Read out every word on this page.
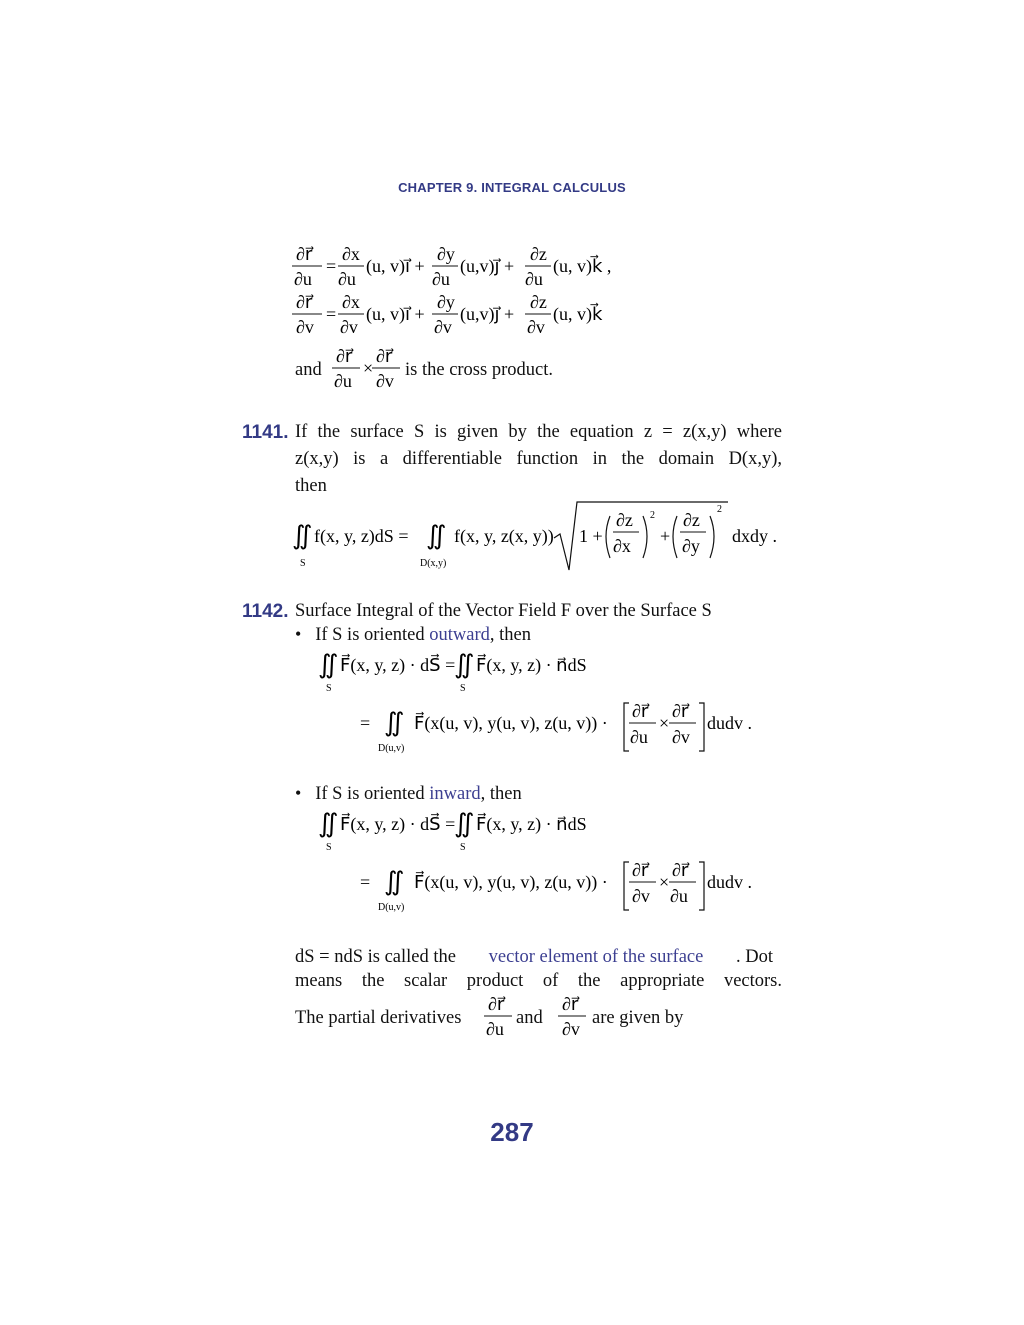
CHAPTER 9. INTEGRAL CALCULUS
∂r⃗
∂u
=
∂x
∂u
(u, v)i⃗ +
∂y
∂u
(u,v)j⃗ +
∂z
∂u
(u, v)k⃗ ,
∂r⃗
∂v
=
∂x
∂v
(u, v)i⃗ +
∂y
∂v
(u,v)j⃗ +
∂z
∂v
(u, v)k⃗
and
∂r⃗
∂u
×
∂r⃗
∂v
is the cross product.
1141. If the surface S is given by the equation z = z(x,y) where
z(x,y) is a differentiable function in the domain D(x,y),
then
∬
S
f(x, y, z)dS = ∬
D(x,y)
f(x, y, z(x, y)) 1 +
∂z
∂x
2
+
∂z
∂y
2
dxdy .
1142. Surface Integral of the Vector Field F over the Surface S
• If S is oriented outward, then
∬
S
F⃗(x, y, z) · dS⃗ =
∬
S
F⃗(x, y, z) · n⃗dS
= ∬
D(u,v)
F⃗(x(u, v), y(u, v), z(u, v)) ·
∂r⃗
∂u
×
∂r⃗
∂v
dudv .
• If S is oriented inward, then
∬
S
F⃗(x, y, z) · dS⃗ =
∬
S
F⃗(x, y, z) · n⃗dS
= ∬
D(u,v)
F⃗(x(u, v), y(u, v), z(u, v)) ·
∂r⃗
∂v
×
∂r⃗
∂u
dudv .
dS = ndS is called the vector element of the surface . Dot
means the scalar product of the appropriate vectors.
The partial derivatives
∂r⃗
∂u
and
∂r⃗
∂v
are given by
287
